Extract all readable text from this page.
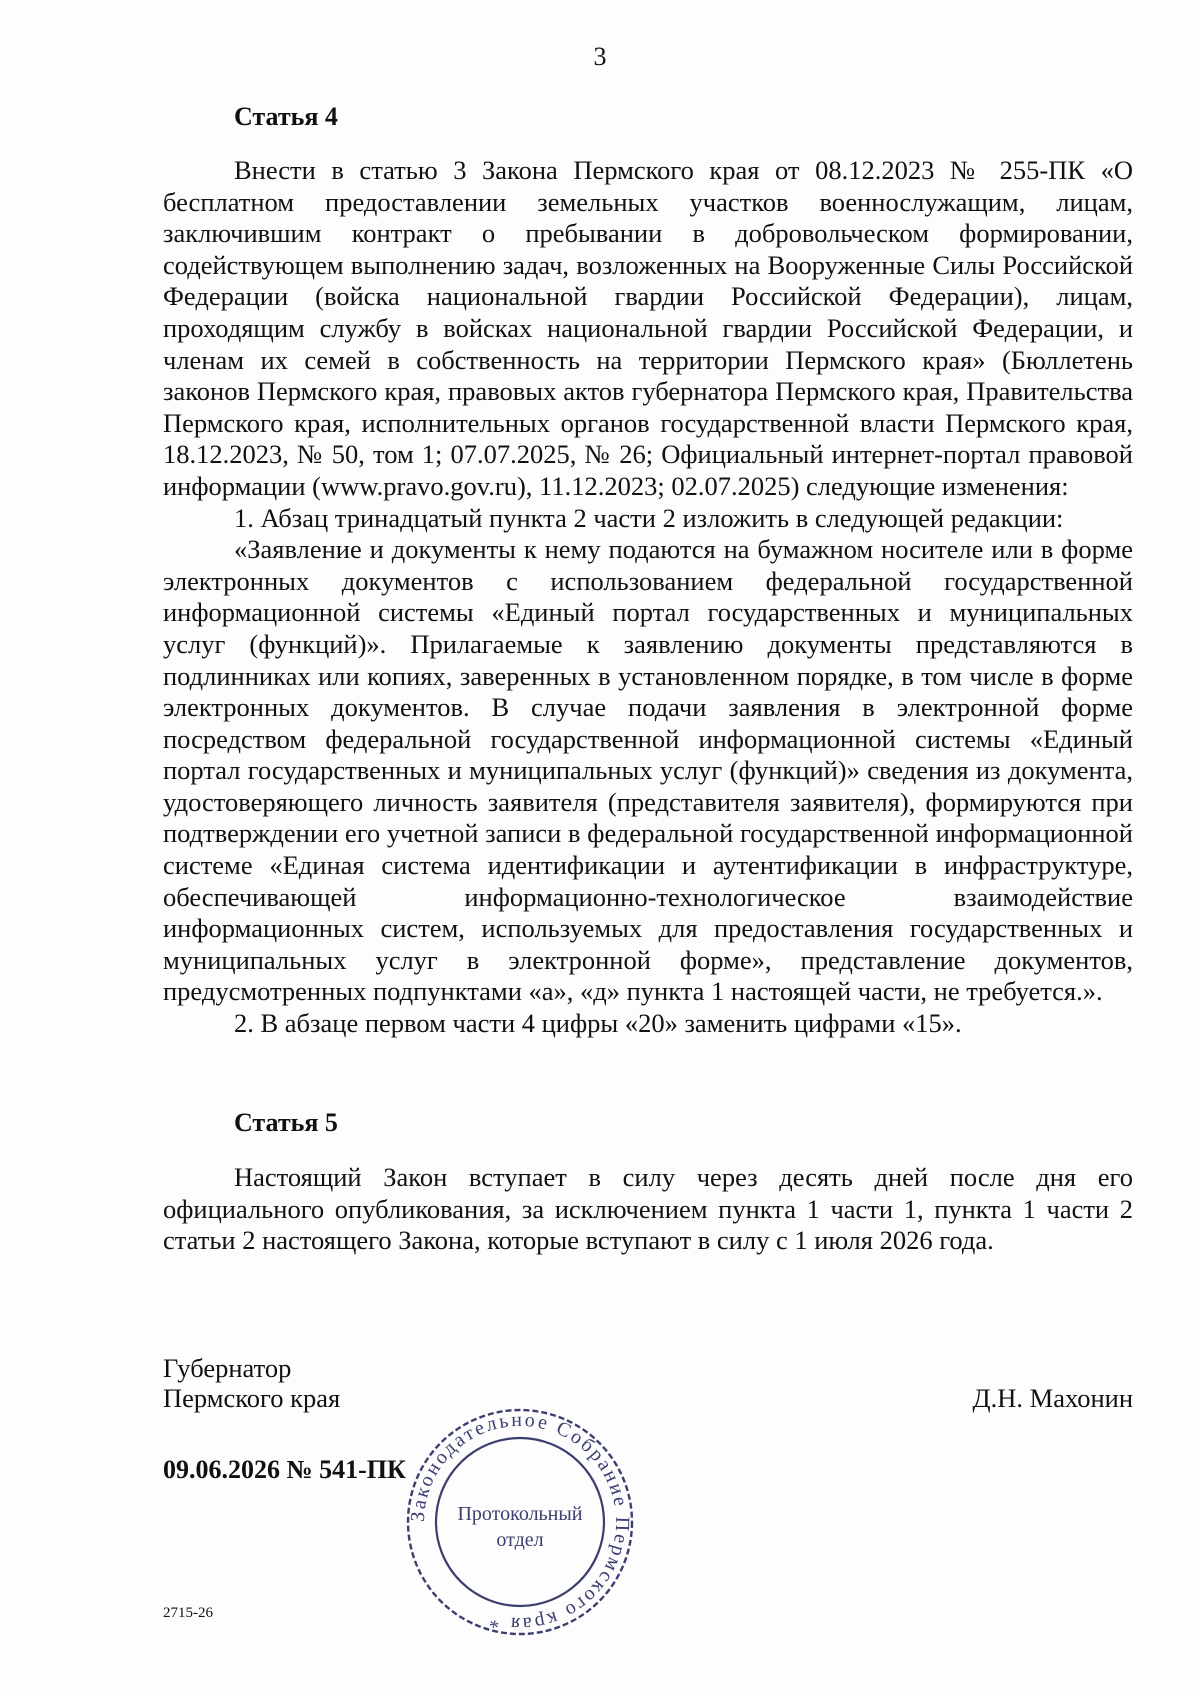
3
Статья 4

Внести в статью 3 Закона Пермского края от 08.12.2023 № 255-ПК «О бесплатном предоставлении земельных участков военнослужащим, лицам, заключившим контракт о пребывании в добровольческом формировании, содействующем выполнению задач, возложенных на Вооруженные Силы Российской Федерации (войска национальной гвардии Российской Федерации), лицам, проходящим службу в войсках национальной гвардии Российской Федерации, и членам их семей в собственность на территории Пермского края» (Бюллетень законов Пермского края, правовых актов губернатора Пермского края, Правительства Пермского края, исполнительных органов государственной власти Пермского края, 18.12.2023, № 50, том 1; 07.07.2025, № 26; Официальный интернет-портал правовой информации (www.pravo.gov.ru), 11.12.2023; 02.07.2025) следующие изменения:

1. Абзац тринадцатый пункта 2 части 2 изложить в следующей редакции:

«Заявление и документы к нему подаются на бумажном носителе или в форме электронных документов с использованием федеральной государственной информационной системы «Единый портал государственных и муниципальных услуг (функций)». Прилагаемые к заявлению документы представляются в подлинниках или копиях, заверенных в установленном порядке, в том числе в форме электронных документов. В случае подачи заявления в электронной форме посредством федеральной государственной информационной системы «Единый портал государственных и муниципальных услуг (функций)» сведения из документа, удостоверяющего личность заявителя (представителя заявителя), формируются при подтверждении его учетной записи в федеральной государственной информационной системе «Единая система идентификации и аутентификации в инфраструктуре, обеспечивающей информационно-технологическое взаимодействие информационных систем, используемых для предоставления государственных и муниципальных услуг в электронной форме», представление документов, предусмотренных подпунктами «а», «д» пункта 1 настоящей части, не требуется.».

2. В абзаце первом части 4 цифры «20» заменить цифрами «15».

Статья 5

Настоящий Закон вступает в силу через десять дней после дня его официального опубликования, за исключением пункта 1 части 1, пункта 1 части 2 статьи 2 настоящего Закона, которые вступают в силу с 1 июля 2026 года.

Губернатор
Пермского края	Д.Н. Махонин
09.06.2026 № 541-ПК
2715-26
Законодательное Собрание Пермского края *
Протокольный
отдел
